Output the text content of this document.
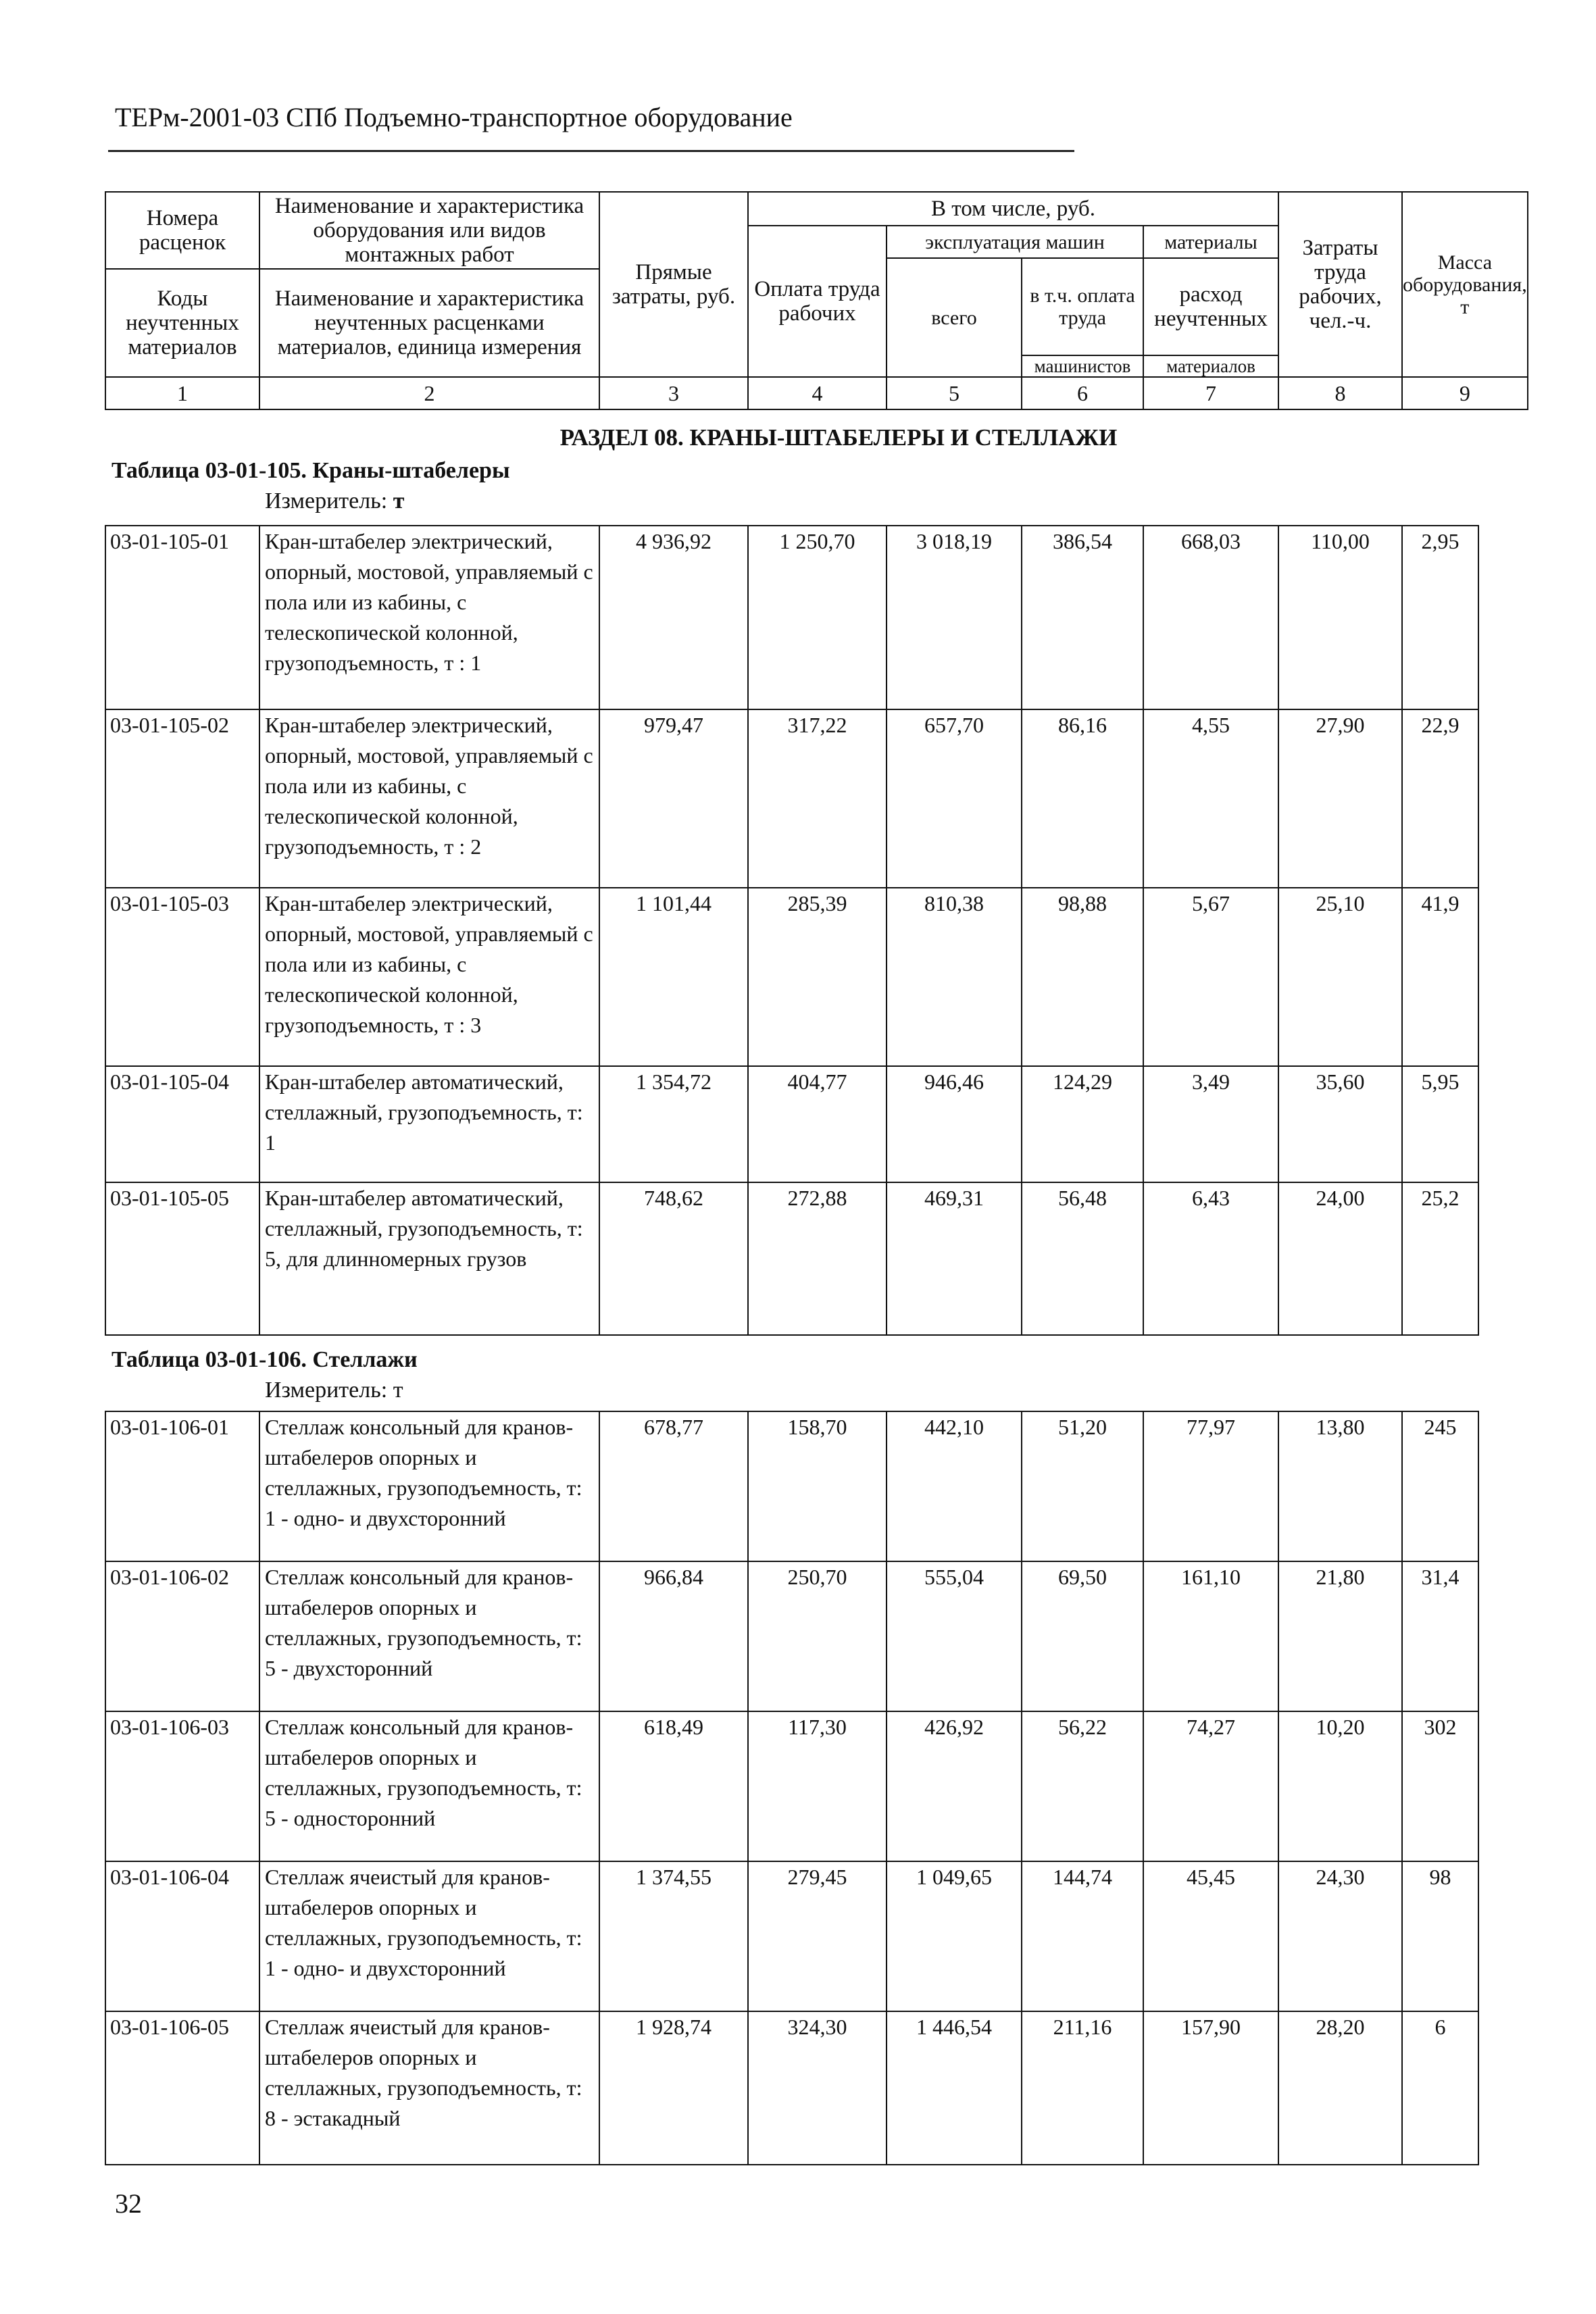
ТЕРм-2001-03 СПб Подъемно-транспортное оборудование
Номера расценок	Наименование и характеристика оборудования или видов монтажных работ	Прямые затраты, руб.	В том числе, руб.				Затраты труда рабочих, чел.-ч.	Масса оборудования, т
			Оплата труда рабочих	эксплуатация машин		материалы		
				всего	в т.ч. оплата труда	расход неучтенных		
Коды неучтенных материалов	Наименование и характеристика неучтенных расценками материалов, единица измерения							

					машинистов	материалов		
1	2	3	4	5	6	7	8	9
РАЗДЕЛ 08. КРАНЫ-ШТАБЕЛЕРЫ И СТЕЛЛАЖИ
Таблица 03-01-105. Краны-штабелеры
Измеритель: т
03-01-105-01	Кран-штабелер электрический, опорный, мостовой, управляемый с пола или из кабины, с телескопической колонной, грузоподъемность, т : 1	4 936,92	1 250,70	3 018,19	386,54	668,03	110,00	2,95
03-01-105-02	Кран-штабелер электрический, опорный, мостовой, управляемый с пола или из кабины, с телескопической колонной, грузоподъемность, т : 2	979,47	317,22	657,70	86,16	4,55	27,90	22,9
03-01-105-03	Кран-штабелер электрический, опорный, мостовой, управляемый с пола или из кабины, с телескопической колонной, грузоподъемность, т : 3	1 101,44	285,39	810,38	98,88	5,67	25,10	41,9
03-01-105-04	Кран-штабелер автоматический, стеллажный, грузоподъемность, т: 1	1 354,72	404,77	946,46	124,29	3,49	35,60	5,95
03-01-105-05	Кран-штабелер автоматический, стеллажный, грузоподъемность, т: 5, для длинномерных грузов	748,62	272,88	469,31	56,48	6,43	24,00	25,2
Таблица 03-01-106. Стеллажи
Измеритель: т
03-01-106-01	Стеллаж консольный для кранов-штабелеров опорных и стеллажных, грузоподъемность, т: 1 - одно- и двухсторонний	678,77	158,70	442,10	51,20	77,97	13,80	245
03-01-106-02	Стеллаж консольный для кранов-штабелеров опорных и стеллажных, грузоподъемность, т: 5 - двухсторонний	966,84	250,70	555,04	69,50	161,10	21,80	31,4
03-01-106-03	Стеллаж консольный для кранов-штабелеров опорных и стеллажных, грузоподъемность, т: 5 - односторонний	618,49	117,30	426,92	56,22	74,27	10,20	302
03-01-106-04	Стеллаж ячеистый для кранов-штабелеров опорных и стеллажных, грузоподъемность, т: 1 - одно- и двухсторонний	1 374,55	279,45	1 049,65	144,74	45,45	24,30	98
03-01-106-05	Стеллаж ячеистый для кранов-штабелеров опорных и стеллажных, грузоподъемность, т: 8 - эстакадный	1 928,74	324,30	1 446,54	211,16	157,90	28,20	6
32
